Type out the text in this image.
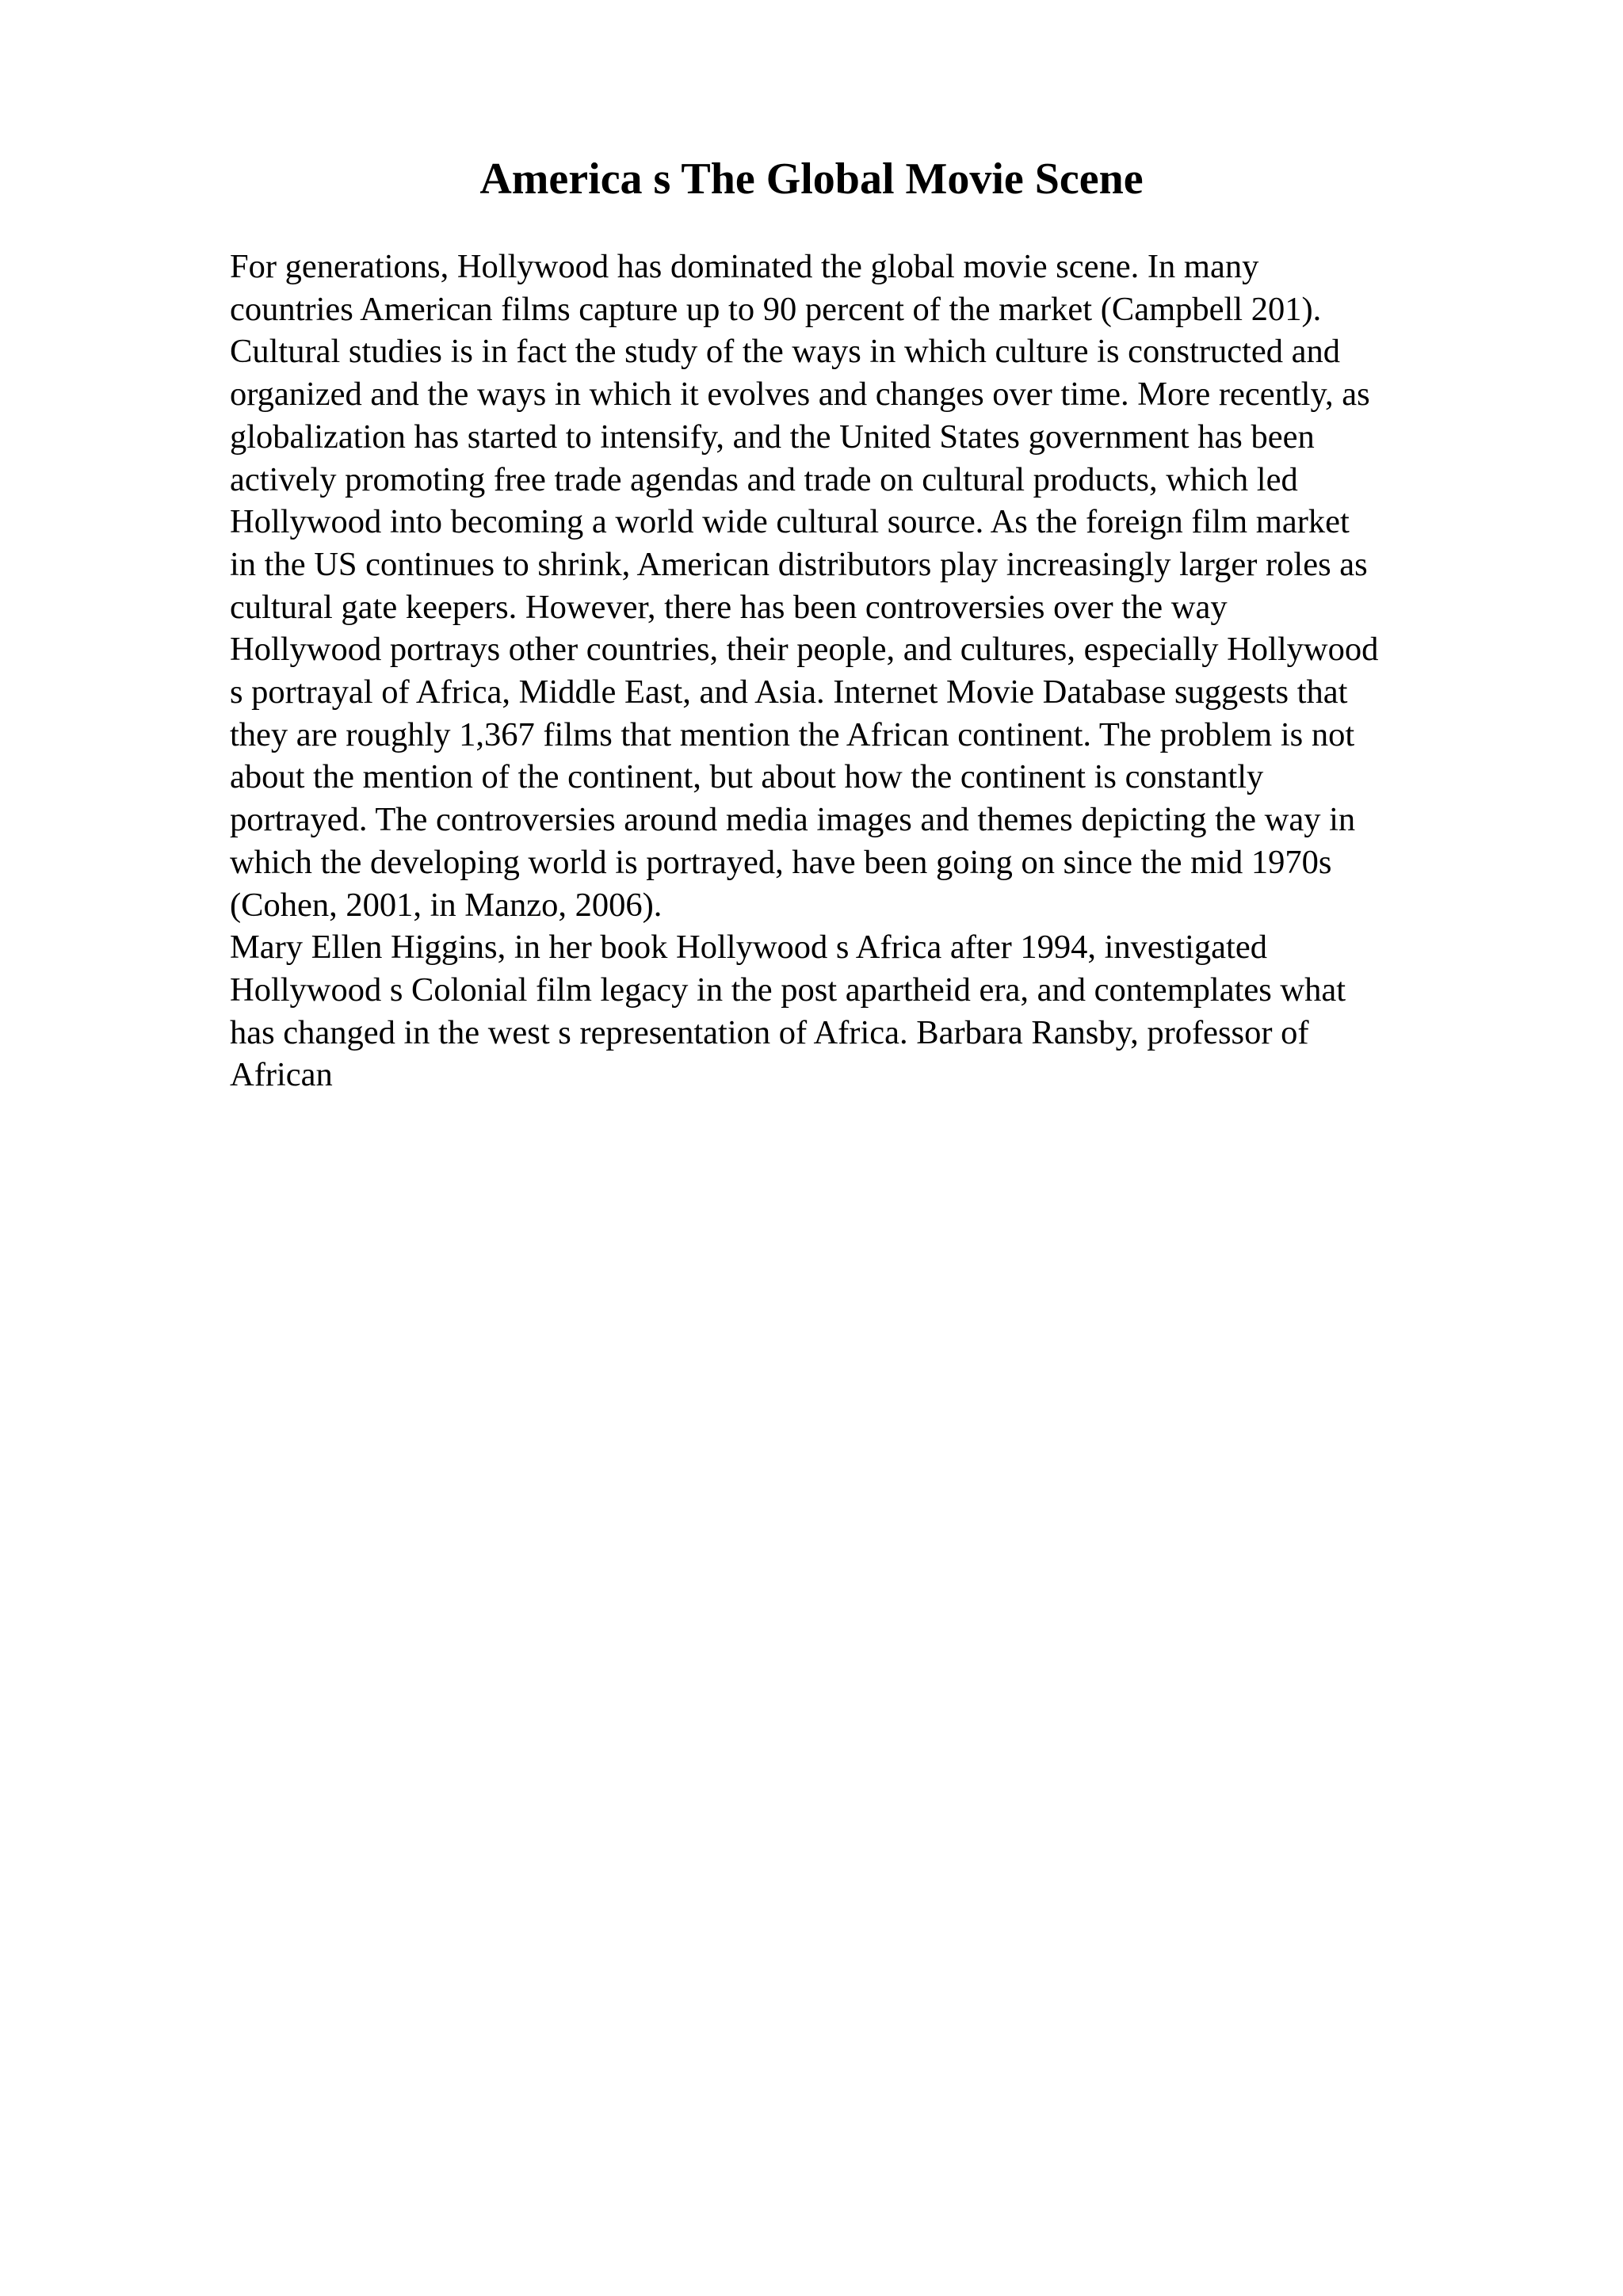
America s The Global Movie Scene
For generations, Hollywood has dominated the global movie scene. In many
countries American films capture up to 90 percent of the market (Campbell 201).
Cultural studies is in fact the study of the ways in which culture is constructed and
organized and the ways in which it evolves and changes over time. More recently, as
globalization has started to intensify, and the United States government has been
actively promoting free trade agendas and trade on cultural products, which led
Hollywood into becoming a world wide cultural source. As the foreign film market
in the US continues to shrink, American distributors play increasingly larger roles as
cultural gate keepers. However, there has been controversies over the way
Hollywood portrays other countries, their people, and cultures, especially Hollywood
s portrayal of Africa, Middle East, and Asia. Internet Movie Database suggests that
they are roughly 1,367 films that mention the African continent. The problem is not
about the mention of the continent, but about how the continent is constantly
portrayed. The controversies around media images and themes depicting the way in
which the developing world is portrayed, have been going on since the mid 1970s
(Cohen, 2001, in Manzo, 2006).
Mary Ellen Higgins, in her book Hollywood s Africa after 1994, investigated
Hollywood s Colonial film legacy in the post apartheid era, and contemplates what
has changed in the west s representation of Africa. Barbara Ransby, professor of
African
